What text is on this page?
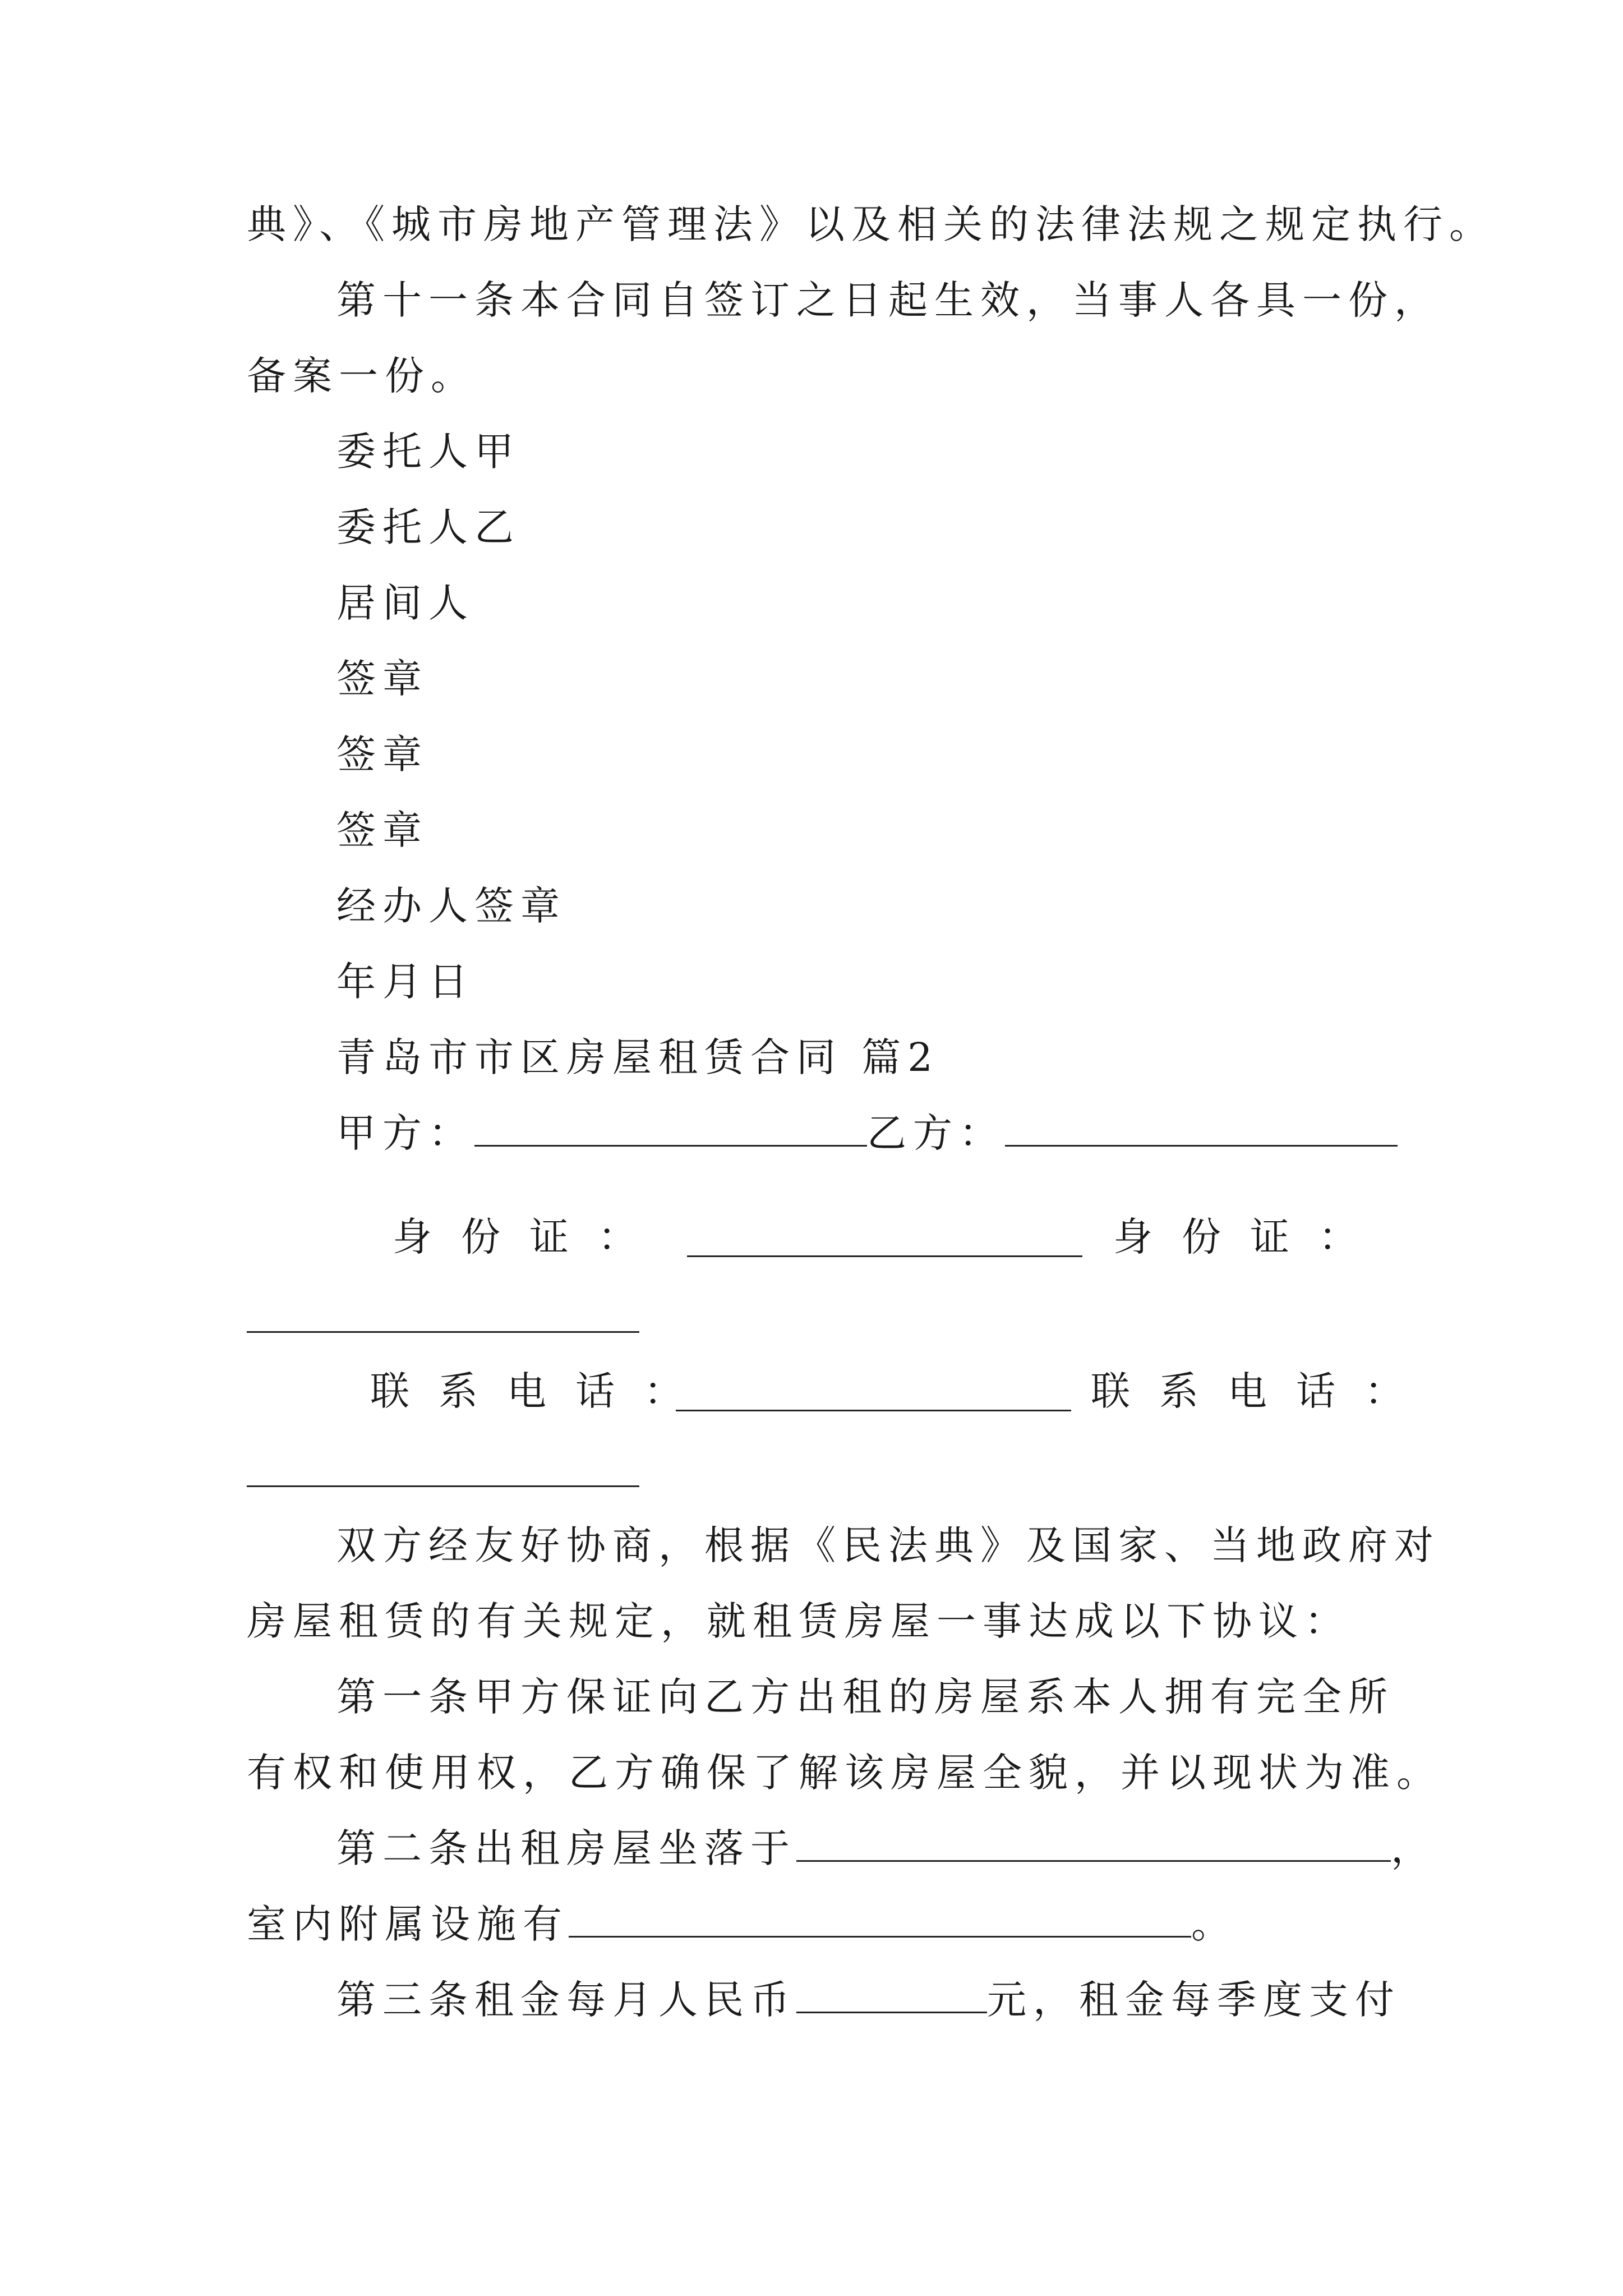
典》、《城市房地产管理法》以及相关的法律法规之规定执行。

第十一条本合同自签订之日起生效，当事人各具一份，

备案一份。

委托人甲

委托人乙

居间人

签章

签章

签章

经办人签章

年月日

青岛市市区房屋租赁合同 篇2

甲方：	乙方：
身份证：	身份证：
联系电话：	联系电话：

双方经友好协商，根据《民法典》及国家、当地政府对

房屋租赁的有关规定，就租赁房屋一事达成以下协议：

第一条甲方保证向乙方出租的房屋系本人拥有完全所

有权和使用权，乙方确保了解该房屋全貌，并以现状为准。

第二条出租房屋坐落于	，
室内附属设施有	。
第三条租金每月人民币	元，租金每季度支付
